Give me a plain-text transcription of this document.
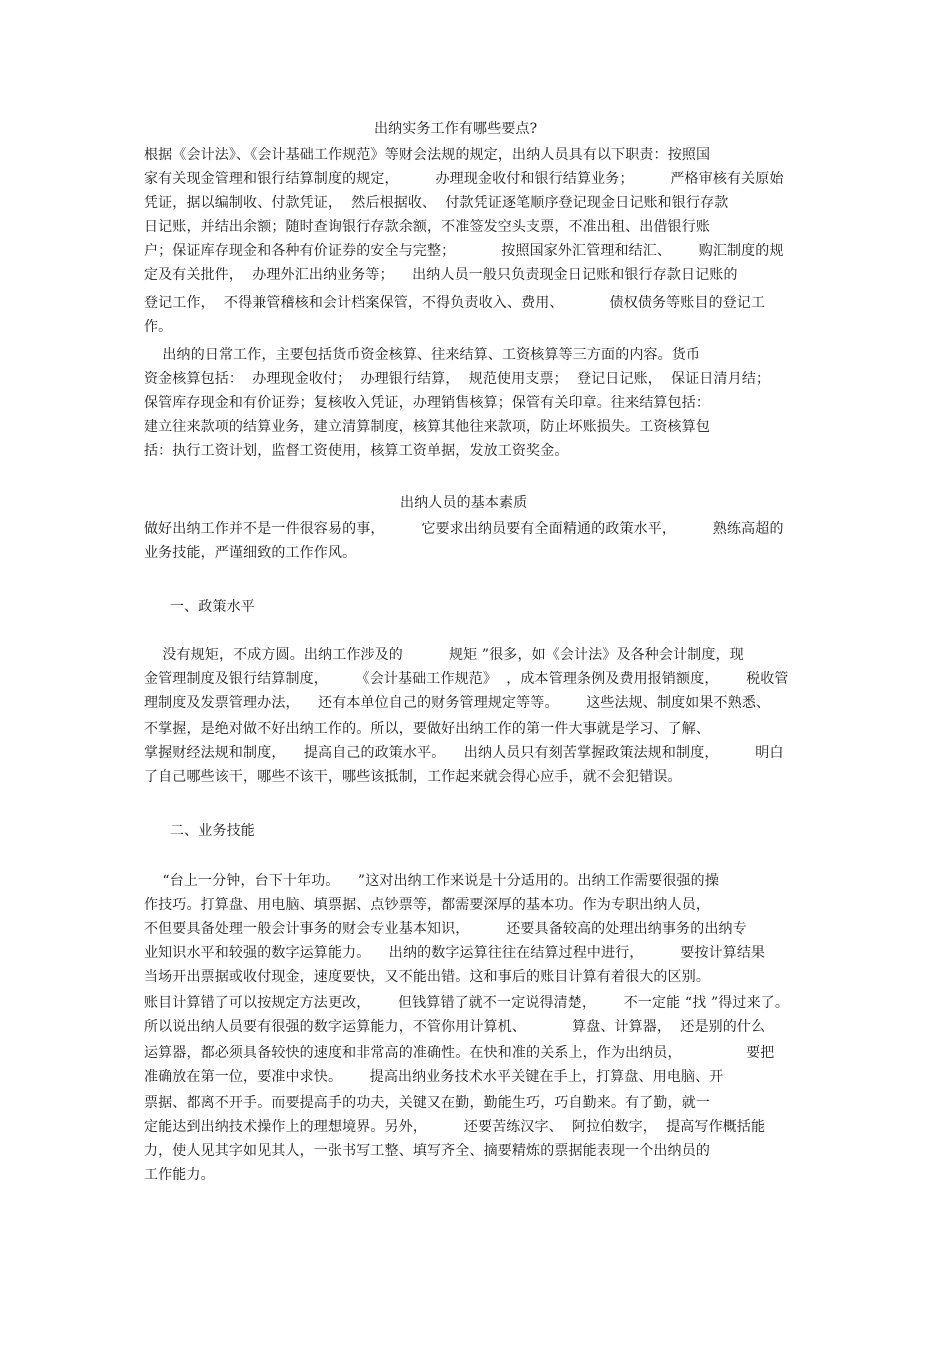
出纳实务工作有哪些要点?
根据《会计法》、《会计基础工作规范》等财会法规的规定，出纳人员具有以下职责：按照国
家有关现金管理和银行结算制度的规定，        办理现金收付和银行结算业务；        严格审核有关原始
凭证，据以编制收、付款凭证，  然后根据收、  付款凭证逐笔顺序登记现金日记账和银行存款
日记账，并结出余额；随时查询银行存款余额，不准签发空头支票，不准出租、出借银行账
户；保证库存现金和各种有价证券的安全与完整；          按照国家外汇管理和结汇、      购汇制度的规
定及有关批件，  办理外汇出纳业务等；    出纳人员一般只负责现金日记账和银行存款日记账的
登记工作，  不得兼管稽核和会计档案保管，不得负责收入、费用、          债权债务等账目的登记工
作。
出纳的日常工作，主要包括货币资金核算、往来结算、工资核算等三方面的内容。货币
资金核算包括：  办理现金收付；  办理银行结算，  规范使用支票；  登记日记账，  保证日清月结；
保管库存现金和有价证券；复核收入凭证，办理销售核算；保管有关印章。往来结算包括：
建立往来款项的结算业务，建立清算制度，核算其他往来款项，防止坏账损失。工资核算包
括：执行工资计划，监督工资使用，核算工资单据，发放工资奖金。
出纳人员的基本素质
做好出纳工作并不是一件很容易的事，        它要求出纳员要有全面精通的政策水平，        熟练高超的
业务技能，严谨细致的工作作风。
一、政策水平
没有规矩，不成方圆。出纳工作涉及的          规矩 ”很多，如《会计法》及各种会计制度，现
金管理制度及银行结算制度，      《会计基础工作规范》  ，成本管理条例及费用报销额度，      税收管
理制度及发票管理办法，    还有本单位自己的财务管理规定等等。      这些法规、制度如果不熟悉、
不掌握，是绝对做不好出纳工作的。所以，要做好出纳工作的第一件大事就是学习、了解、
掌握财经法规和制度，    提高自己的政策水平。    出纳人员只有刻苦掌握政策法规和制度，        明白
了自己哪些该干，哪些不该干，哪些该抵制，工作起来就会得心应手，就不会犯错误。
二、业务技能
“台上一分钟，台下十年功。    ”这对出纳工作来说是十分适用的。出纳工作需要很强的操
作技巧。打算盘、用电脑、填票据、点钞票等，都需要深厚的基本功。作为专职出纳人员，
不但要具备处理一般会计事务的财会专业基本知识，        还要具备较高的处理出纳事务的出纳专
业知识水平和较强的数字运算能力。    出纳的数字运算往往在结算过程中进行，        要按计算结果
当场开出票据或收付现金，速度要快，又不能出错。这和事后的账目计算有着很大的区别。
账目计算错了可以按规定方法更改，      但钱算错了就不一定说得清楚，      不一定能 “找 ”得过来了。
所以说出纳人员要有很强的数字运算能力，不管你用计算机、          算盘、计算器，  还是别的什么
运算器，都必须具备较快的速度和非常高的准确性。在快和准的关系上，作为出纳员，              要把
准确放在第一位，要准中求快。      提高出纳业务技术水平关键在手上，打算盘、用电脑、开
票据、都离不开手。而要提高手的功夫，关键又在勤，勤能生巧，巧自勤来。有了勤，就一
定能达到出纳技术操作上的理想境界。另外，        还要苦练汉字、  阿拉伯数字，  提高写作概括能
力，使人见其字如见其人，一张书写工整、填写齐全、摘要精炼的票据能表现一个出纳员的
工作能力。
